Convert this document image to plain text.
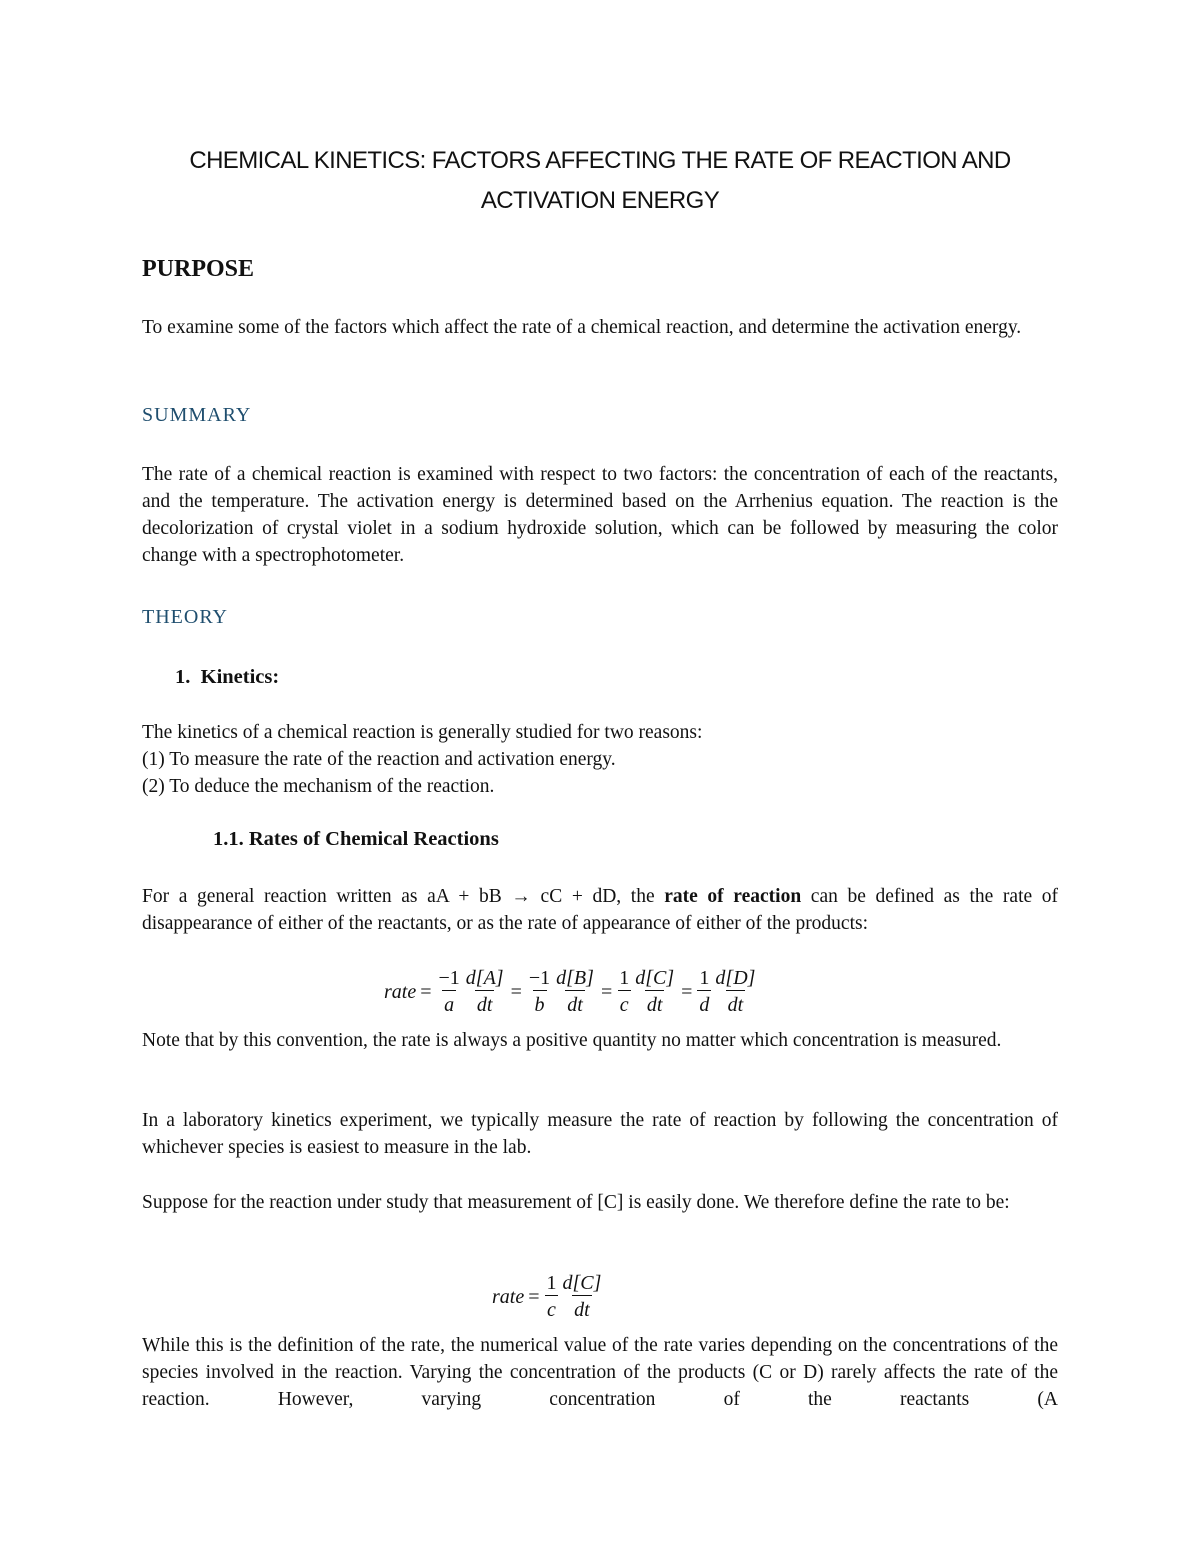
CHEMICAL KINETICS: FACTORS AFFECTING THE RATE OF REACTION AND
ACTIVATION ENERGY
PURPOSE
To examine some of the factors which affect the rate of a chemical reaction, and determine the activation energy.
SUMMARY
The rate of a chemical reaction is examined with respect to two factors: the concentration of each of the reactants, and the temperature. The activation energy is determined based on the Arrhenius equation. The reaction is the decolorization of crystal violet in a sodium hydroxide solution, which can be followed by measuring the color change with a spectrophotometer.
THEORY
1.  Kinetics:
The kinetics of a chemical reaction is generally studied for two reasons:
(1) To measure the rate of the reaction and activation energy.
(2) To deduce the mechanism of the reaction.
1.1. Rates of Chemical Reactions
For a general reaction written as aA + bB → cC + dD, the rate of reaction can be defined as the rate of disappearance of either of the reactants, or as the rate of appearance of either of the products:
rate = $\frac{-1}{a} \frac{d[A]}{dt} = \frac{-1}{b} \frac{d[B]}{dt} = \frac{1}{c} \frac{d[C]}{dt} = \frac{1}{d} \frac{d[D]}{dt}$
Note that by this convention, the rate is always a positive quantity no matter which concentration is measured.
In a laboratory kinetics experiment, we typically measure the rate of reaction by following the concentration of whichever species is easiest to measure in the lab.
Suppose for the reaction under study that measurement of [C] is easily done. We therefore define the rate to be:
rate = $\frac{1}{c} \frac{d[C]}{dt}$
While this is the definition of the rate, the numerical value of the rate varies depending on the concentrations of the species involved in the reaction. Varying the concentration of the products (C or D) rarely affects the rate of the reaction. However, varying concentration of the reactants (A
